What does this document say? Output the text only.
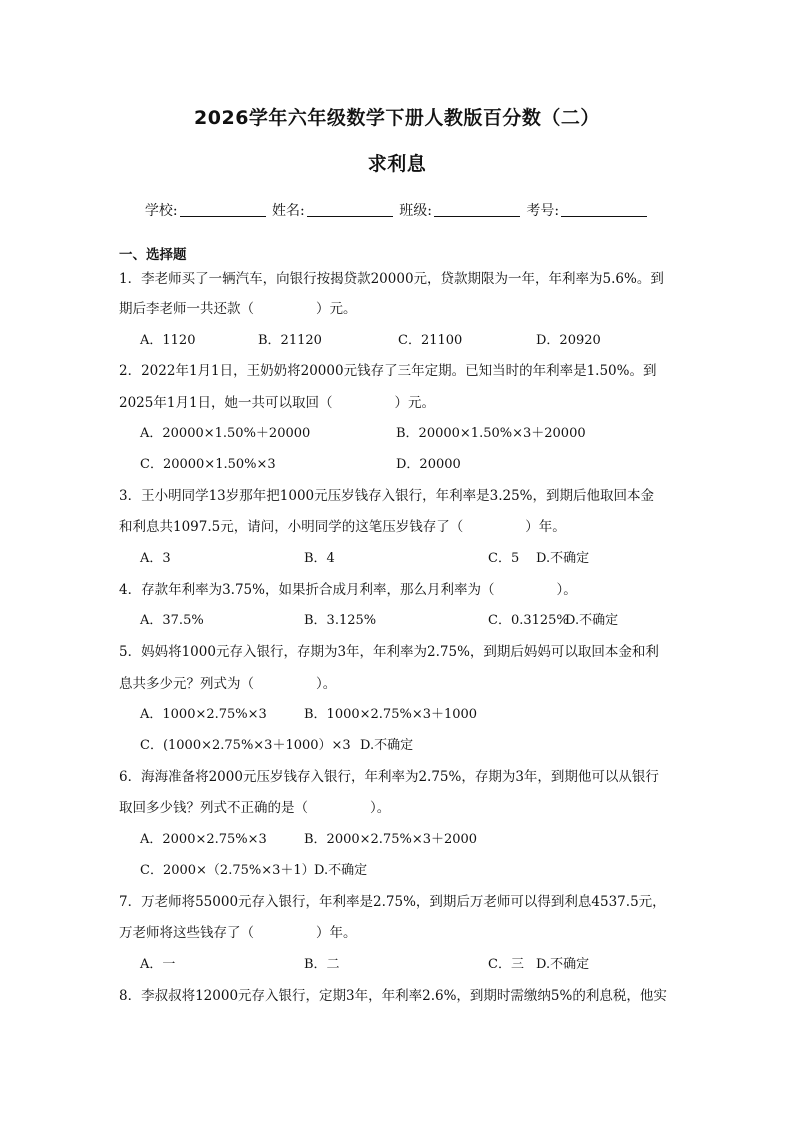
2026学年六年级数学下册人教版百分数（二）
求利息
学校:	姓名:	班级:	考号:
一、选择题
1．李老师买了一辆汽车，向银行按揭贷款20000元，贷款期限为一年，年利率为5.6%。到
期后李老师一共还款（	）元。
A．1120	B．21120	C．21100	D．20920
2．2022年1月1日，王奶奶将20000元钱存了三年定期。已知当时的年利率是1.50%。到
2025年1月1日，她一共可以取回（	）元。
A．20000×1.50%＋20000	B．20000×1.50%×3＋20000
C．20000×1.50%×3	D．20000
3．王小明同学13岁那年把1000元压岁钱存入银行，年利率是3.25%，到期后他取回本金
和利息共1097.5元，请问，小明同学的这笔压岁钱存了（	）年。
A．3	B．4	C．5 D.不确定
4．存款年利率为3.75%，如果折合成月利率，那么月利率为（	）。
A．37.5%	B．3.125%	C．0.3125%
D.不确定
5．妈妈将1000元存入银行，存期为3年，年利率为2.75%，到期后妈妈可以取回本金和利
息共多少元？列式为（	）。
A．1000×2.75%×3	B．1000×2.75%×3＋1000
C．(1000×2.75%×3＋1000）×3 D.不确定
6．海海准备将2000元压岁钱存入银行，年利率为2.75%，存期为3年，到期他可以从银行
取回多少钱？列式不正确的是（	）。
A．2000×2.75%×3	B．2000×2.75%×3＋2000
C．2000×（2.75%×3＋1） D.不确定
7．万老师将55000元存入银行，年利率是2.75%，到期后万老师可以得到利息4537.5元，
万老师将这些钱存了（	）年。
A．一	B．二	C．三 D.不确定
8．李叔叔将12000元存入银行，定期3年，年利率2.6%，到期时需缴纳5%的利息税，他实
